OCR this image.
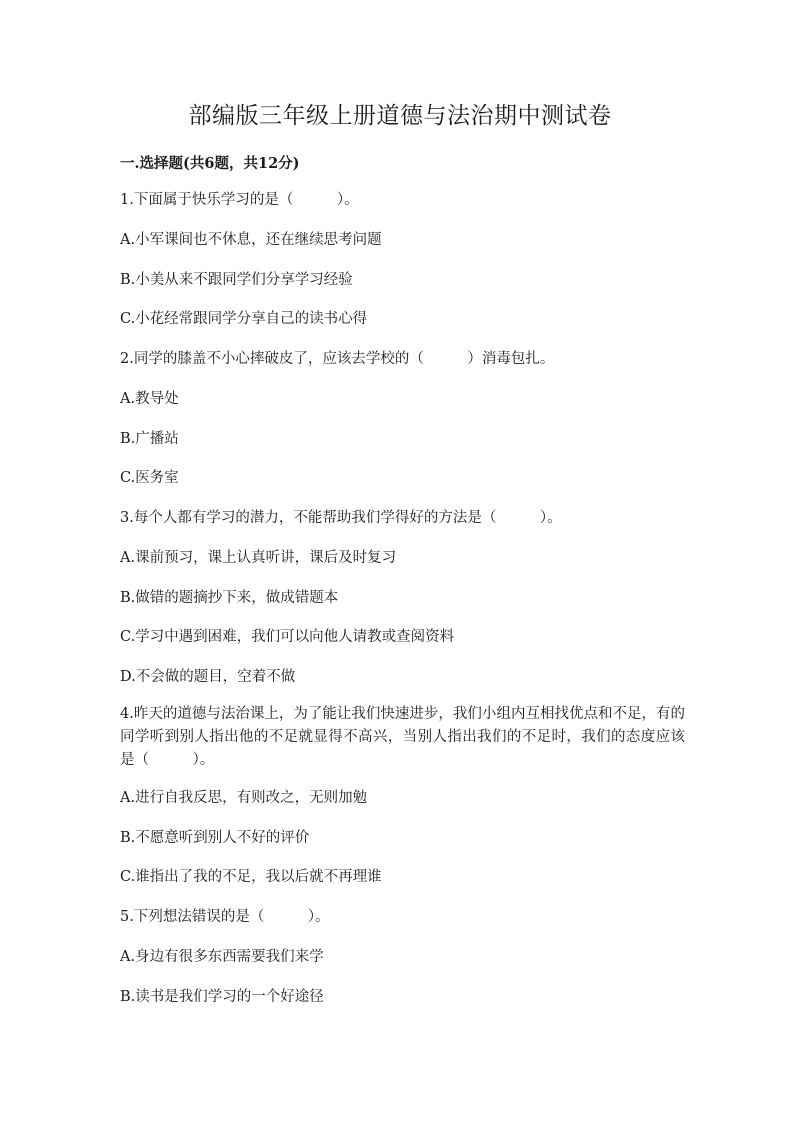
部编版三年级上册道德与法治期中测试卷

一.选择题(共6题，共12分)

1.下面属于快乐学习的是（　　　）。

A.小军课间也不休息，还在继续思考问题

B.小美从来不跟同学们分享学习经验

C.小花经常跟同学分享自己的读书心得

2.同学的膝盖不小心摔破皮了，应该去学校的（　　　）消毒包扎。

A.教导处

B.广播站

C.医务室

3.每个人都有学习的潜力，不能帮助我们学得好的方法是（　　　）。

A.课前预习，课上认真听讲，课后及时复习

B.做错的题摘抄下来，做成错题本

C.学习中遇到困难，我们可以向他人请教或查阅资料

D.不会做的题目，空着不做

4.昨天的道德与法治课上，为了能让我们快速进步，我们小组内互相找优点和不足，有的同学听到别人指出他的不足就显得不高兴，当别人指出我们的不足时，我们的态度应该是（　　　）。

A.进行自我反思，有则改之，无则加勉

B.不愿意听到别人不好的评价

C.谁指出了我的不足，我以后就不再理谁

5.下列想法错误的是（　　　）。

A.身边有很多东西需要我们来学

B.读书是我们学习的一个好途径
